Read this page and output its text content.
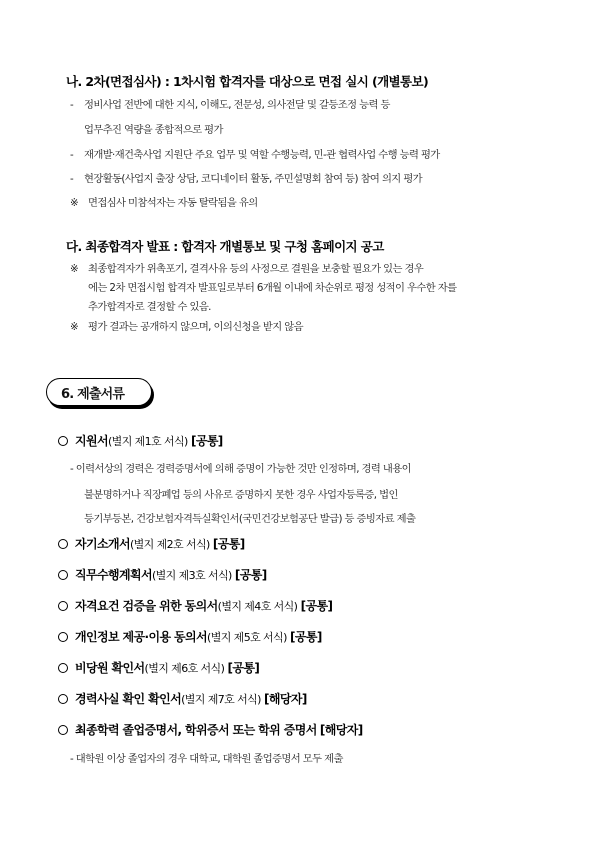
나. 2차(면접심사) : 1차시험 합격자를 대상으로 면접 실시 (개별통보)
- 정비사업 전반에 대한 지식, 이해도, 전문성, 의사전달 및 갈등조정 능력 등
업무추진 역량을 종합적으로 평가
- 재개발·재건축사업 지원단 주요 업무 및 역할 수행능력, 민-관 협력사업 수행 능력 평가
- 현장활동(사업지 출장 상담, 코디네이터 활동, 주민설명회 참여 등) 참여 의지 평가
※ 면접심사 미참석자는 자동 탈락됨을 유의
다. 최종합격자 발표 : 합격자 개별통보 및 구청 홈페이지 공고
※ 최종합격자가 위촉포기, 결격사유 등의 사정으로 결원을 보충할 필요가 있는 경우
에는 2차 면접시험 합격자 발표일로부터 6개월 이내에 차순위로 평정 성적이 우수한 자를
추가합격자로 결정할 수 있음.
※ 평가 결과는 공개하지 않으며, 이의신청을 받지 않음
6. 제출서류
지원서(별지 제1호 서식) [공통]
- 이력서상의 경력은 경력증명서에 의해 증명이 가능한 것만 인정하며, 경력 내용이
불분명하거나 직장폐업 등의 사유로 증명하지 못한 경우 사업자등록증, 법인
등기부등본, 건강보험자격득실확인서(국민건강보험공단 발급) 등 증빙자료 제출
자기소개서(별지 제2호 서식) [공통]
직무수행계획서(별지 제3호 서식) [공통]
자격요건 검증을 위한 동의서(별지 제4호 서식) [공통]
개인정보 제공·이용 동의서(별지 제5호 서식) [공통]
비당원 확인서(별지 제6호 서식) [공통]
경력사실 확인 확인서(별지 제7호 서식) [해당자]
최종학력 졸업증명서, 학위증서 또는 학위 증명서 [해당자]
- 대학원 이상 졸업자의 경우 대학교, 대학원 졸업증명서 모두 제출
